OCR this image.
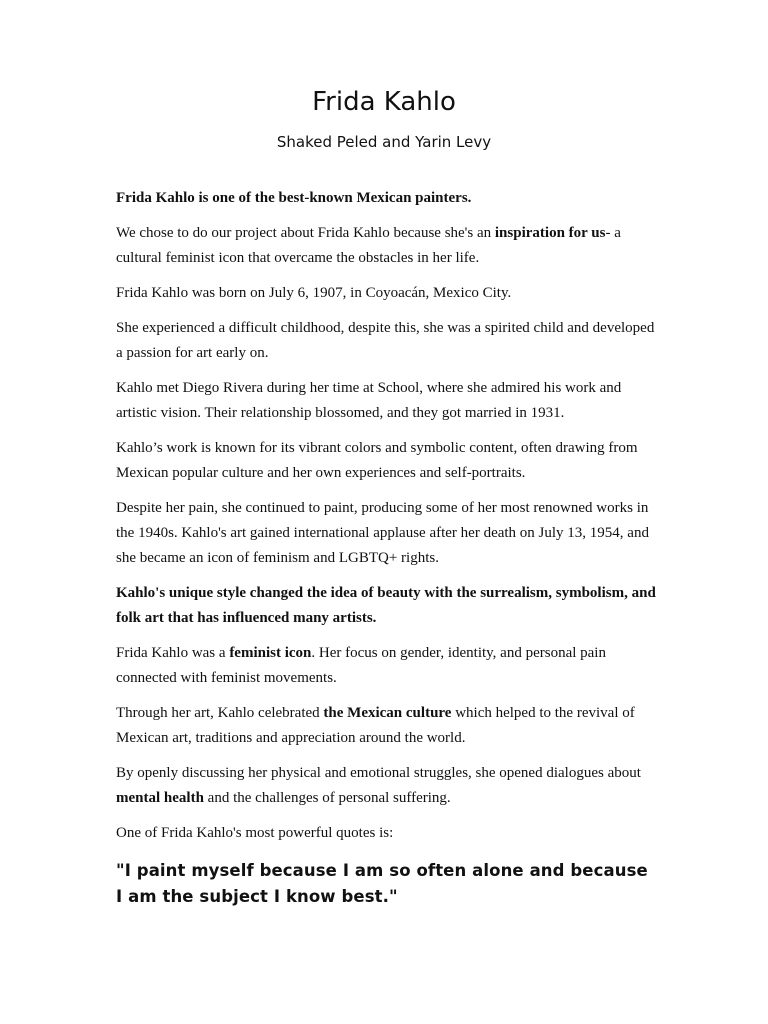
Frida Kahlo
Shaked Peled and Yarin Levy

Frida Kahlo is one of the best-known Mexican painters.

We chose to do our project about Frida Kahlo because she's an inspiration for us- a cultural feminist icon that overcame the obstacles in her life.

Frida Kahlo was born on July 6, 1907, in Coyoacán, Mexico City.

She experienced a difficult childhood, despite this, she was a spirited child and developed a passion for art early on.

Kahlo met Diego Rivera during her time at School, where she admired his work and artistic vision. Their relationship blossomed, and they got married in 1931.

Kahlo’s work is known for its vibrant colors and symbolic content, often drawing from Mexican popular culture and her own experiences and self-portraits.

Despite her pain, she continued to paint, producing some of her most renowned works in the 1940s. Kahlo's art gained international applause after her death on July 13, 1954, and she became an icon of feminism and LGBTQ+ rights.

Kahlo's unique style changed the idea of beauty with the surrealism, symbolism, and folk art that has influenced many artists.

Frida Kahlo was a feminist icon. Her focus on gender, identity, and personal pain connected with feminist movements.

Through her art, Kahlo celebrated the Mexican culture which helped to the revival of Mexican art, traditions and appreciation around the world.

By openly discussing her physical and emotional struggles, she opened dialogues about mental health and the challenges of personal suffering.

One of Frida Kahlo's most powerful quotes is:

"I paint myself because I am so often alone and because I am the subject I know best."
